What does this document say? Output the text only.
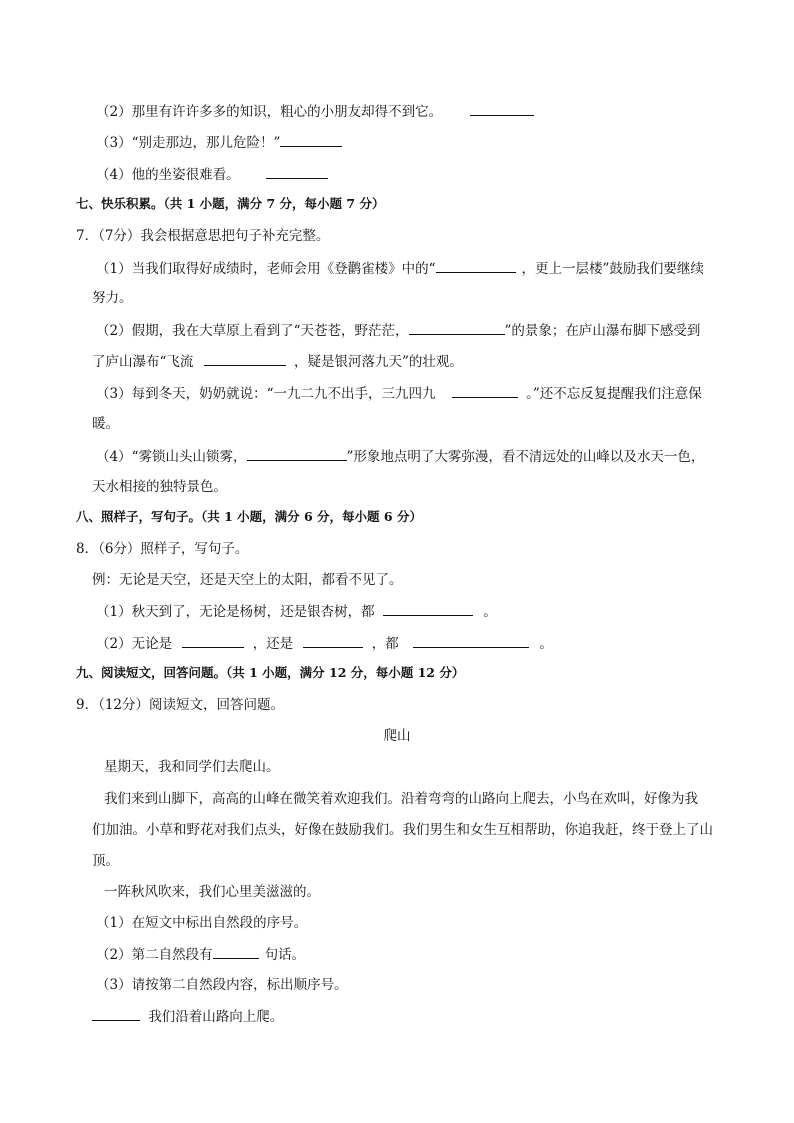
（2）那里有许许多多的知识，粗心的小朋友却得不到它。
（3）“别走那边，那儿危险！”
（4）他的坐姿很难看。
七、快乐积累。（共 1 小题，满分 7 分，每小题 7 分）
7．（7分）我会根据意思把句子补充完整。
（1）当我们取得好成绩时，老师会用《登鹳雀楼》中的“	，更上一层楼”鼓励我们要继续
努力。
（2）假期，我在大草原上看到了“天苍苍，野茫茫，	”的景象；在庐山瀑布脚下感受到
了庐山瀑布“飞流	，疑是银河落九天”的壮观。
（3）每到冬天，奶奶就说：“一九二九不出手，三九四九	。”还不忘反复提醒我们注意保
暖。
（4）“雾锁山头山锁雾，	”形象地点明了大雾弥漫，看不清远处的山峰以及水天一色，
天水相接的独特景色。
八、照样子，写句子。（共 1 小题，满分 6 分，每小题 6 分）
8．（6分）照样子，写句子。
例：无论是天空，还是天空上的太阳，都看不见了。
（1）秋天到了，无论是杨树，还是银杏树，都	。
（2）无论是	，还是	，都	。
九、阅读短文，回答问题。（共 1 小题，满分 12 分，每小题 12 分）
9．（12分）阅读短文，回答问题。
爬山
星期天，我和同学们去爬山。
我们来到山脚下，高高的山峰在微笑着欢迎我们。沿着弯弯的山路向上爬去，小鸟在欢叫，好像为我
们加油。小草和野花对我们点头，好像在鼓励我们。我们男生和女生互相帮助，你追我赶，终于登上了山
顶。
一阵秋风吹来，我们心里美滋滋的。
（1）在短文中标出自然段的序号。
（2）第二自然段有	句话。
（3）请按第二自然段内容，标出顺序号。
我们沿着山路向上爬。
